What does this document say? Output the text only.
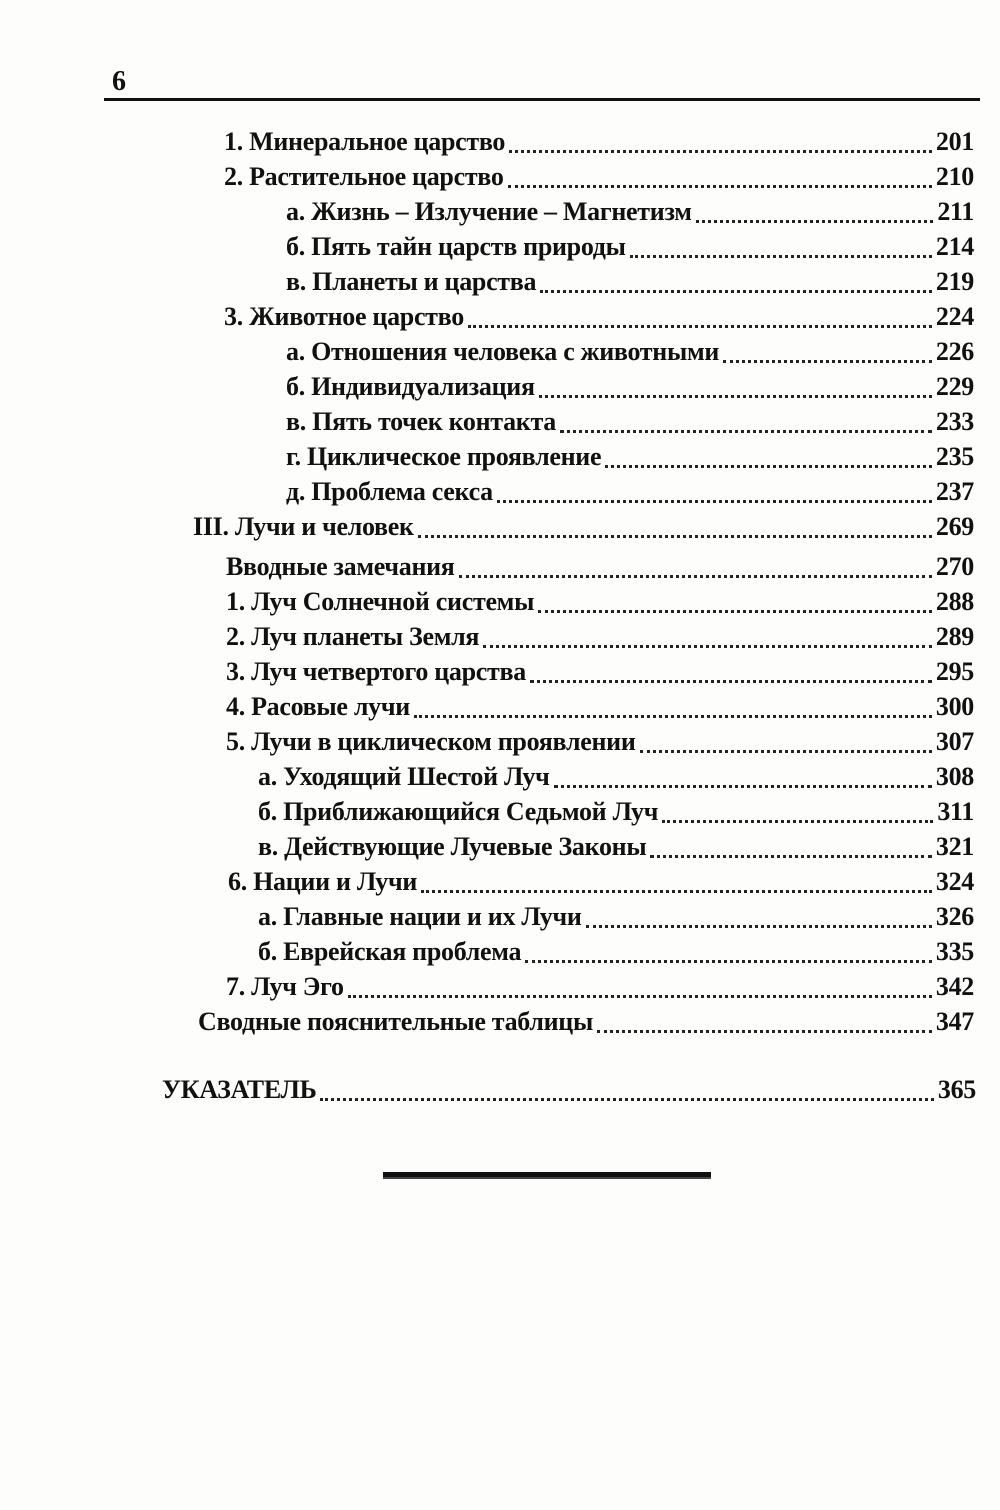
6
1. Минеральное царство	201
2. Растительное царство	210
а. Жизнь – Излучение – Магнетизм	211
б. Пять тайн царств природы	214
в. Планеты и царства	219
3. Животное царство	224
а. Отношения человека с животными	226
б. Индивидуализация	229
в. Пять точек контакта	233
г. Циклическое проявление	235
д. Проблема секса	237
III. Лучи и человек	269
Вводные замечания	270
1. Луч Солнечной системы	288
2. Луч планеты Земля	289
3. Луч четвертого царства	295
4. Расовые лучи	300
5. Лучи в циклическом проявлении	307
а. Уходящий Шестой Луч	308
б. Приближающийся Седьмой Луч	311
в. Действующие Лучевые Законы	321
6. Нации и Лучи	324
а. Главные нации и их Лучи	326
б. Еврейская проблема	335
7. Луч Эго	342
Сводные пояснительные таблицы	347
УКАЗАТЕЛЬ	365
